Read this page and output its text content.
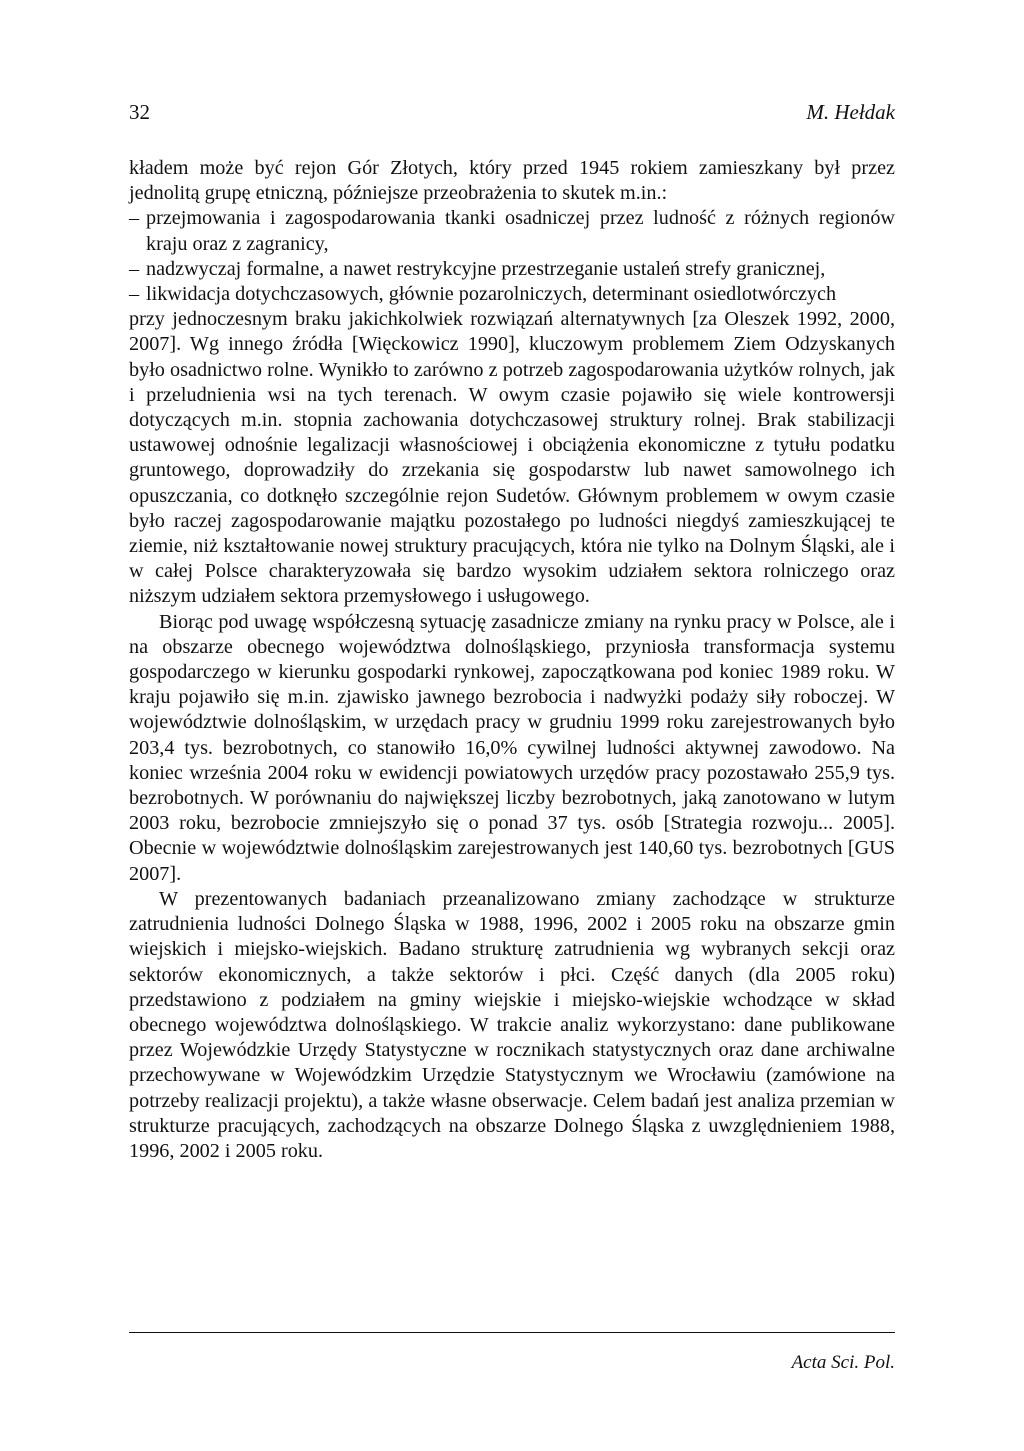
32	M. Hełdak

kładem może być rejon Gór Złotych, który przed 1945 rokiem zamieszkany był przez jednolitą grupę etniczną, późniejsze przeobrażenia to skutek m.in.:

– przejmowania i zagospodarowania tkanki osadniczej przez ludność z różnych regionów kraju oraz z zagranicy,
– nadzwyczaj formalne, a nawet restrykcyjne przestrzeganie ustaleń strefy granicznej,
– likwidacja dotychczasowych, głównie pozarolniczych, determinant osiedlotwórczych

przy jednoczesnym braku jakichkolwiek rozwiązań alternatywnych [za Oleszek 1992, 2000, 2007]. Wg innego źródła [Więckowicz 1990], kluczowym problemem Ziem Odzyskanych było osadnictwo rolne. Wynikło to zarówno z potrzeb zagospodarowania użytków rolnych, jak i przeludnienia wsi na tych terenach. W owym czasie pojawiło się wiele kontrowersji dotyczących m.in. stopnia zachowania dotychczasowej struktury rolnej. Brak stabilizacji ustawowej odnośnie legalizacji własnościowej i obciążenia ekonomiczne z tytułu podatku gruntowego, doprowadziły do zrzekania się gospodarstw lub nawet samowolnego ich opuszczania, co dotknęło szczególnie rejon Sudetów. Głównym problemem w owym czasie było raczej zagospodarowanie majątku pozostałego po ludności niegdyś zamieszkującej te ziemie, niż kształtowanie nowej struktury pracujących, która nie tylko na Dolnym Śląski, ale i w całej Polsce charakteryzowała się bardzo wysokim udziałem sektora rolniczego oraz niższym udziałem sektora przemysłowego i usługowego.

Biorąc pod uwagę współczesną sytuację zasadnicze zmiany na rynku pracy w Polsce, ale i na obszarze obecnego województwa dolnośląskiego, przyniosła transformacja systemu gospodarczego w kierunku gospodarki rynkowej, zapoczątkowana pod koniec 1989 roku. W kraju pojawiło się m.in. zjawisko jawnego bezrobocia i nadwyżki podaży siły roboczej. W województwie dolnośląskim, w urzędach pracy w grudniu 1999 roku zarejestrowanych było 203,4 tys. bezrobotnych, co stanowiło 16,0% cywilnej ludności aktywnej zawodowo. Na koniec września 2004 roku w ewidencji powiatowych urzędów pracy pozostawało 255,9 tys. bezrobotnych. W porównaniu do największej liczby bezrobotnych, jaką zanotowano w lutym 2003 roku, bezrobocie zmniejszyło się o ponad 37 tys. osób [Strategia rozwoju... 2005]. Obecnie w województwie dolnośląskim zarejestrowanych jest 140,60 tys. bezrobotnych [GUS 2007].

W prezentowanych badaniach przeanalizowano zmiany zachodzące w strukturze zatrudnienia ludności Dolnego Śląska w 1988, 1996, 2002 i 2005 roku na obszarze gmin wiejskich i miejsko-wiejskich. Badano strukturę zatrudnienia wg wybranych sekcji oraz sektorów ekonomicznych, a także sektorów i płci. Część danych (dla 2005 roku) przedstawiono z podziałem na gminy wiejskie i miejsko-wiejskie wchodzące w skład obecnego województwa dolnośląskiego. W trakcie analiz wykorzystano: dane publikowane przez Wojewódzkie Urzędy Statystyczne w rocznikach statystycznych oraz dane archiwalne przechowywane w Wojewódzkim Urzędzie Statystycznym we Wrocławiu (zamówione na potrzeby realizacji projektu), a także własne obserwacje. Celem badań jest analiza przemian w strukturze pracujących, zachodzących na obszarze Dolnego Śląska z uwzględnieniem 1988, 1996, 2002 i 2005 roku.

Acta Sci. Pol.
